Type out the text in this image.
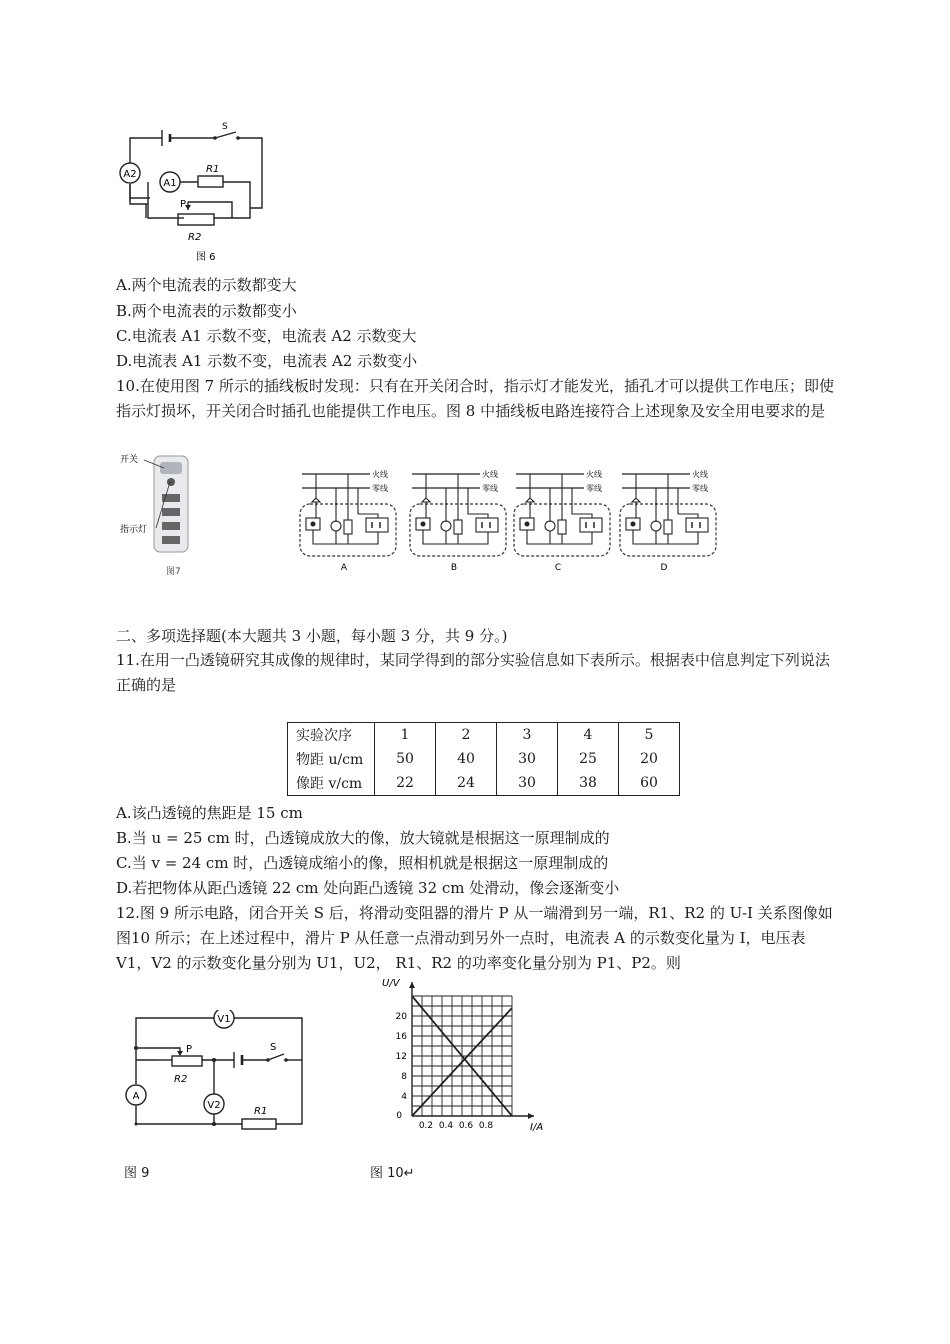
A2
A1
S
R1
P
R2
图 6
A.两个电流表的示数都变大
B.两个电流表的示数都变小
C.电流表 A1 示数不变，电流表 A2 示数变大
D.电流表 A1 示数不变，电流表 A2 示数变小
10.在使用图 7 所示的插线板时发现：只有在开关闭合时，指示灯才能发光，插孔才可以提供工作电压；即使指示灯损坏，开关闭合时插孔也能提供工作电压。图 8 中插线板电路连接符合上述现象及安全用电要求的是
开关
指示灯
图7
火线
零线
A
火线
零线
B
火线
零线
C
火线
零线
D
二、多项选择题(本大题共 3 小题，每小题 3 分，共 9 分。)
11.在用一凸透镜研究其成像的规律时，某同学得到的部分实验信息如下表所示。根据表中信息判定下列说法正确的是
实验次序	1	2	3	4	5
物距 u/cm	50	40	30	25	20
像距 v/cm	22	24	30	38	60
A.该凸透镜的焦距是 15 cm
B.当 u = 25 cm 时，凸透镜成放大的像，放大镜就是根据这一原理制成的
C.当 v = 24 cm 时，凸透镜成缩小的像，照相机就是根据这一原理制成的
D.若把物体从距凸透镜 22 cm 处向距凸透镜 32 cm 处滑动，像会逐渐变小
12.图 9 所示电路，闭合开关 S 后，将滑动变阻器的滑片 P 从一端滑到另一端，R1、R2 的 U-I 关系图像如图10 所示；在上述过程中，滑片 P 从任意一点滑动到另外一点时，电流表 A 的示数变化量为 I，电压表 V1，V2 的示数变化量分别为 U1，U2， R1、R2 的功率变化量分别为 P1、P2。则
V1
A
V2
P	S
R2
R1
图 9
U/V
I/A
0
20
16
12
8
4
0.2 0.4 0.6 0.8
图 10↵
